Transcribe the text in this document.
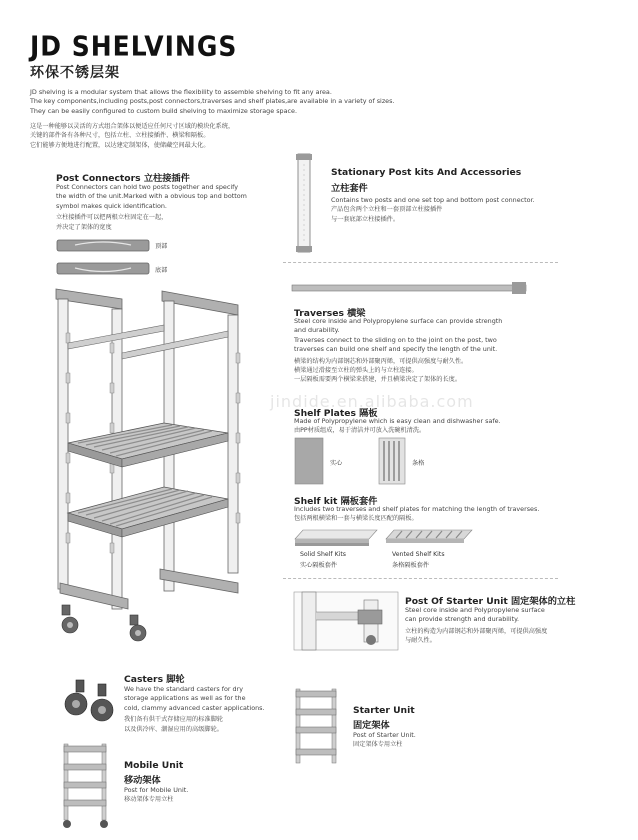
JD SHELVINGS
环保不锈层架
JD shelving is a modular system that allows the flexibility to assemble shelving to fit any area.
The key components,including posts,post connectors,traverses and shelf plates,are available in a variety of sizes.
They can be easily configured to custom build shelving to maximize storage space.
这是一种能够以灵活的方式组合架体以便适应任何尺寸区域的模块化系统，
关键的部件备有各种尺寸，包括立柱、立柱接插件、横梁和隔板。
它们能够方便地进行配置，以达建定制架体，使储藏空间最大化。
Post Connectors 立柱接插件
Post Connectors can hold two posts together and specify
the width of the unit.Marked with a obvious top and bottom
symbol makes quick identification.
立柱接插件可以把两根立柱固定在一起，
并决定了架体的宽度
顶部
底部
Stationary Post kits And Accessories
立柱套件
Contains two posts and one set top and bottom post connector.
产品包含两个立柱和一套顶部立柱接插件
与一套底部立柱接插件。
Traverses 横梁
Steel core inside and Polypropylene surface can provide strength
and durability.
Traverses connect to the sliding on to the joint on the post, two
traverses can build one shelf and specify the length of the unit.
横梁的结构为内部钢芯和外部聚丙烯，可提供高强度与耐久性。
横梁通过滑接至立柱的弹头上的与立柱连接。
一层隔板需要两个横梁来搭建，并且横梁决定了架体的长度。
Shelf Plates 隔板
Made of Polypropylene which is easy clean and dishwasher safe.
由PP材质组成，易于清洁并可放入洗碗机清洗。
实心	条格
jindide.en.alibaba.com
Shelf kit 隔板套件
Includes two traverses and shelf plates for matching the length of traverses.
包括两根横梁和一套与横梁长度匹配的隔板。
Solid Shelf Kits
实心隔板套件
Vented Shelf Kits
条格隔板套件
Post Of Starter Unit 固定架体的立柱
Steel core inside and Polypropylene surface
can provide strength and durability.
立柱的构造为内部钢芯和外部聚丙烯，可提供高强度
与耐久性。
Casters 脚轮
We have the standard casters for dry
storage applications as well as for the
cold, clammy advanced caster applications.
我们备有供干式存储应用的标准脚轮
以及供冷库、潮湿应用的高级脚轮。
Starter Unit
固定架体
Post of Starter Unit.
固定架体专用立柱
Mobile Unit
移动架体
Post for Mobile Unit.
移动架体专用立柱
